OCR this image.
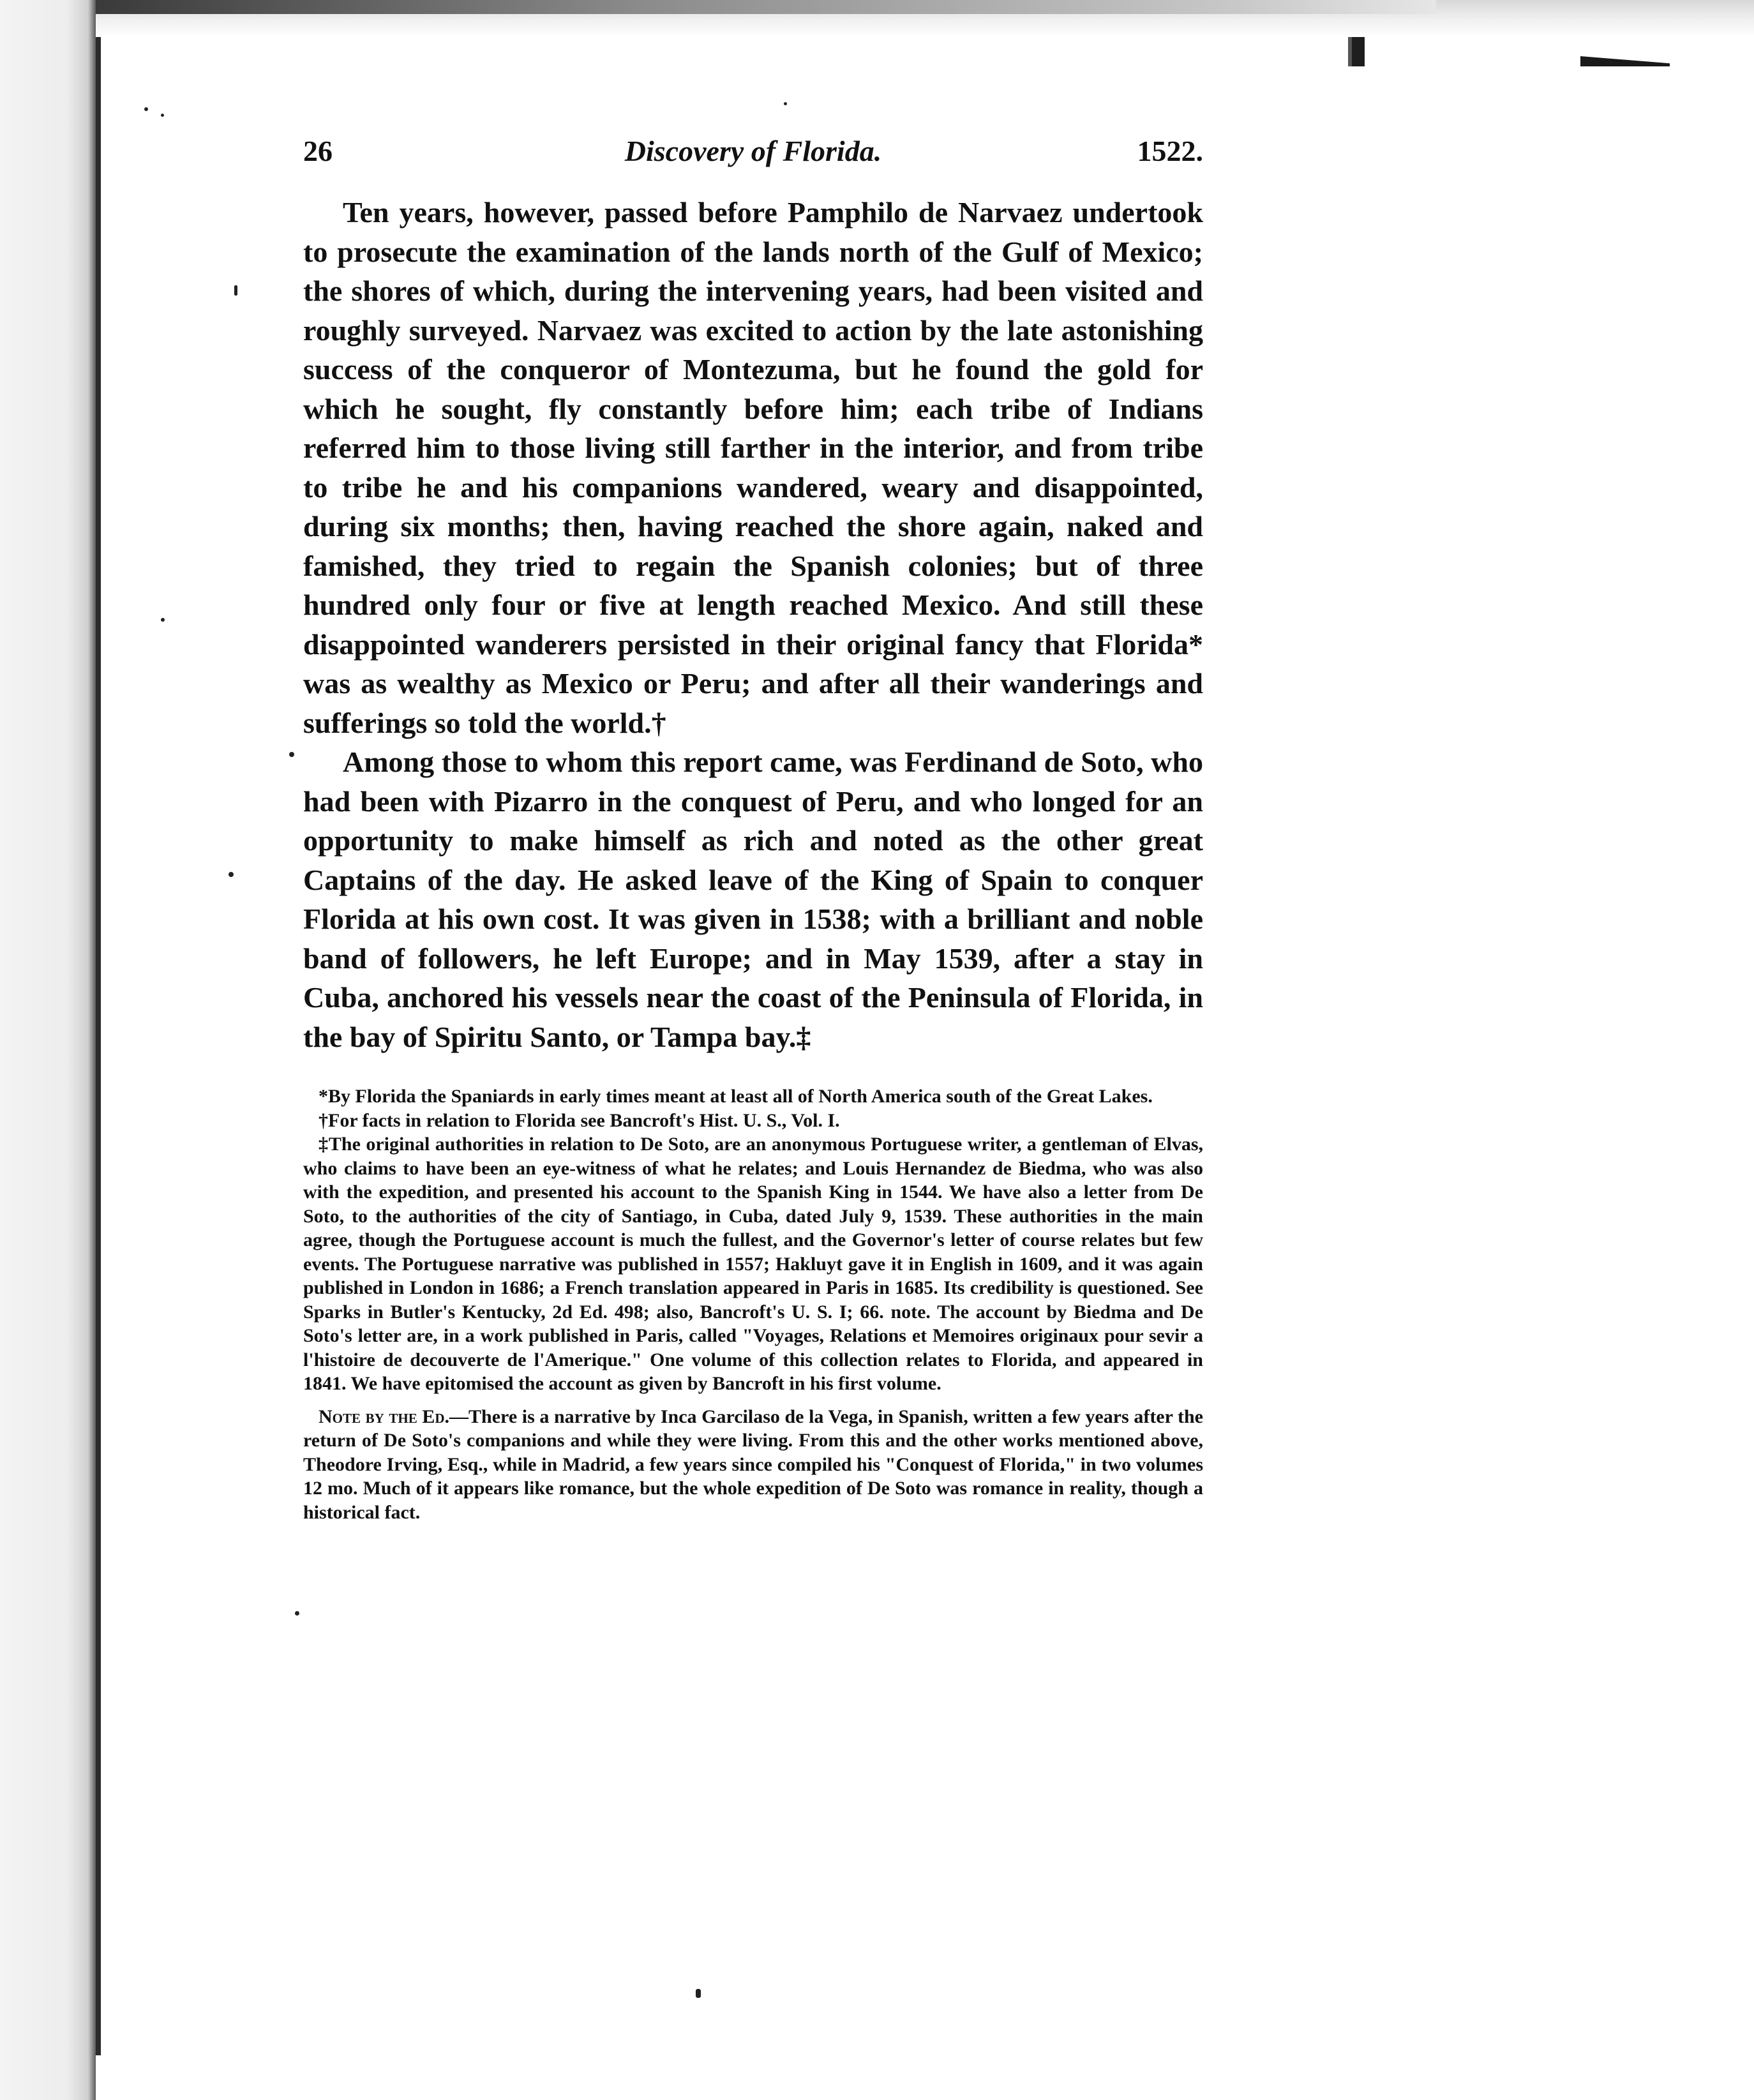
26	Discovery of Florida.	1522.

Ten years, however, passed before Pamphilo de Narvaez undertook to prosecute the examination of the lands north of the Gulf of Mexico; the shores of which, during the intervening years, had been visited and roughly surveyed. Narvaez was excited to action by the late astonishing success of the conqueror of Montezuma, but he found the gold for which he sought, fly constantly before him; each tribe of Indians referred him to those living still farther in the interior, and from tribe to tribe he and his companions wandered, weary and disappointed, during six months; then, having reached the shore again, naked and famished, they tried to regain the Spanish colonies; but of three hundred only four or five at length reached Mexico. And still these disappointed wanderers persisted in their original fancy that Florida* was as wealthy as Mexico or Peru; and after all their wanderings and sufferings so told the world.†

Among those to whom this report came, was Ferdinand de Soto, who had been with Pizarro in the conquest of Peru, and who longed for an opportunity to make himself as rich and noted as the other great Captains of the day. He asked leave of the King of Spain to conquer Florida at his own cost. It was given in 1538; with a brilliant and noble band of followers, he left Europe; and in May 1539, after a stay in Cuba, anchored his vessels near the coast of the Peninsula of Florida, in the bay of Spiritu Santo, or Tampa bay.‡

*By Florida the Spaniards in early times meant at least all of North America south of the Great Lakes.

†For facts in relation to Florida see Bancroft's Hist. U. S., Vol. I.

‡The original authorities in relation to De Soto, are an anonymous Portuguese writer, a gentleman of Elvas, who claims to have been an eye-witness of what he relates; and Louis Hernandez de Biedma, who was also with the expedition, and presented his account to the Spanish King in 1544. We have also a letter from De Soto, to the authorities of the city of Santiago, in Cuba, dated July 9, 1539. These authorities in the main agree, though the Portuguese account is much the fullest, and the Governor's letter of course relates but few events. The Portuguese narrative was published in 1557; Hakluyt gave it in English in 1609, and it was again published in London in 1686; a French translation appeared in Paris in 1685. Its credibility is questioned. See Sparks in Butler's Kentucky, 2d Ed. 498; also, Bancroft's U. S. I; 66. note. The account by Biedma and De Soto's letter are, in a work published in Paris, called "Voyages, Relations et Memoires originaux pour sevir a l'histoire de decouverte de l'Amerique." One volume of this collection relates to Florida, and appeared in 1841. We have epitomised the account as given by Bancroft in his first volume.

Note by the Ed.—There is a narrative by Inca Garcilaso de la Vega, in Spanish, written a few years after the return of De Soto's companions and while they were living. From this and the other works mentioned above, Theodore Irving, Esq., while in Madrid, a few years since compiled his "Conquest of Florida," in two volumes 12 mo. Much of it appears like romance, but the whole expedition of De Soto was romance in reality, though a historical fact.
